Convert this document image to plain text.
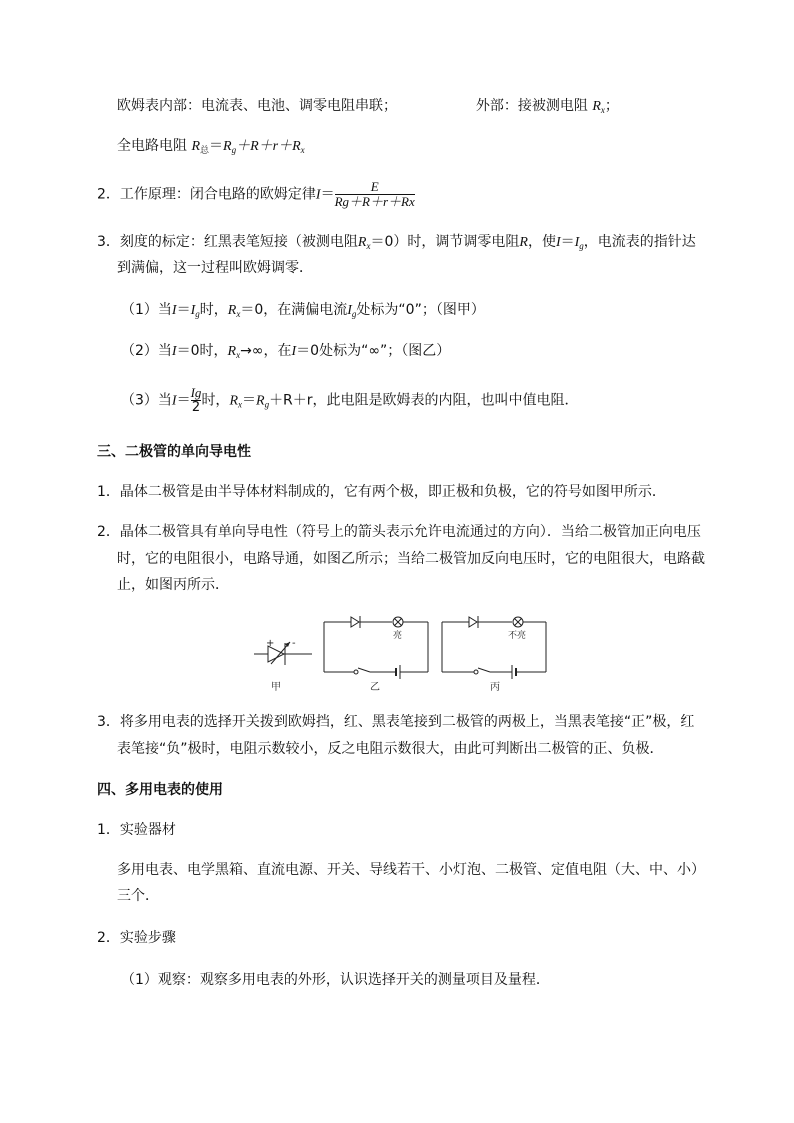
欧姆表内部：电流表、电池、调零电阻串联；	外部：接被测电阻 $R_x$；
全电路电阻 $R_总=R_g+R+r+R_x$
2．工作原理：闭合电路的欧姆定律$I= \frac{E}{Rg+R+r+Rx}$
3．刻度的标定：红黑表笔短接（被测电阻$R_x=0$）时，调节调零电阻R，使$I=I_g$，电流表的指针达
到满偏，这一过程叫欧姆调零．
（1）当$I=I_g$时，$R_x=0$，在满偏电流$I_g$处标为“0”；（图甲）
（2）当I＝0时，$R_x\to\infty$，在I＝0处标为“∞”；（图乙）
（3）当$I= \frac{Ig}{2}$ 时，$R_x=R_g+R+r$，此电阻是欧姆表的内阻，也叫中值电阻．
三、二极管的单向导电性
1．晶体二极管是由半导体材料制成的，它有两个极，即正极和负极，它的符号如图甲所示．
2．晶体二极管具有单向导电性（符号上的箭头表示允许电流通过的方向）．当给二极管加正向电压
时，它的电阻很小，电路导通，如图乙所示；当给二极管加反向电压时，它的电阻很大，电路截
止，如图丙所示．
+ -
甲
亮
乙
不亮
丙
3．将多用电表的选择开关拨到欧姆挡，红、黑表笔接到二极管的两极上，当黑表笔接“正”极，红
表笔接“负”极时，电阻示数较小，反之电阻示数很大，由此可判断出二极管的正、负极．
四、多用电表的使用
1．实验器材
多用电表、电学黑箱、直流电源、开关、导线若干、小灯泡、二极管、定值电阻（大、中、小）
三个．
2．实验步骤
（1）观察：观察多用电表的外形，认识选择开关的测量项目及量程．
